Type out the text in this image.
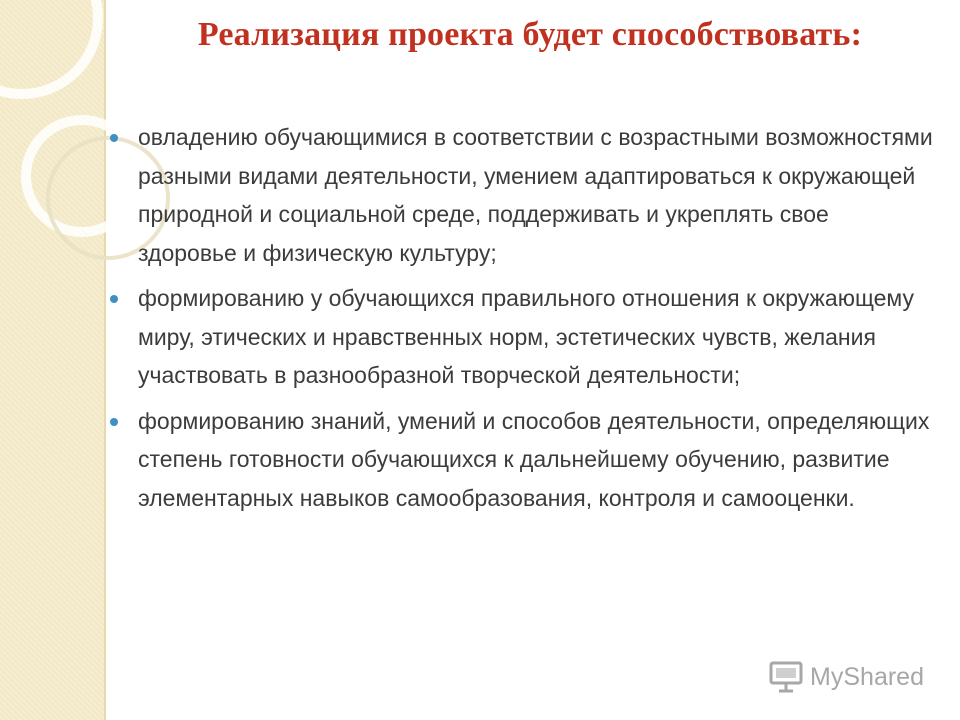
Реализация проекта будет способствовать:
овладению обучающимися в соответствии с возрастными возможностями разными видами деятельности, умением адаптироваться к окружающей природной и социальной среде, поддерживать и укреплять свое здоровье и физическую культуру;
формированию у обучающихся правильного отношения к окружающему миру, этических и нравственных норм, эстетических чувств, желания участвовать в разнообразной творческой деятельности;
формированию знаний, умений и способов деятельности, определяющих степень готовности обучающихся к дальнейшему обучению, развитие элементарных навыков самообразования, контроля и самооценки.
MyShared
